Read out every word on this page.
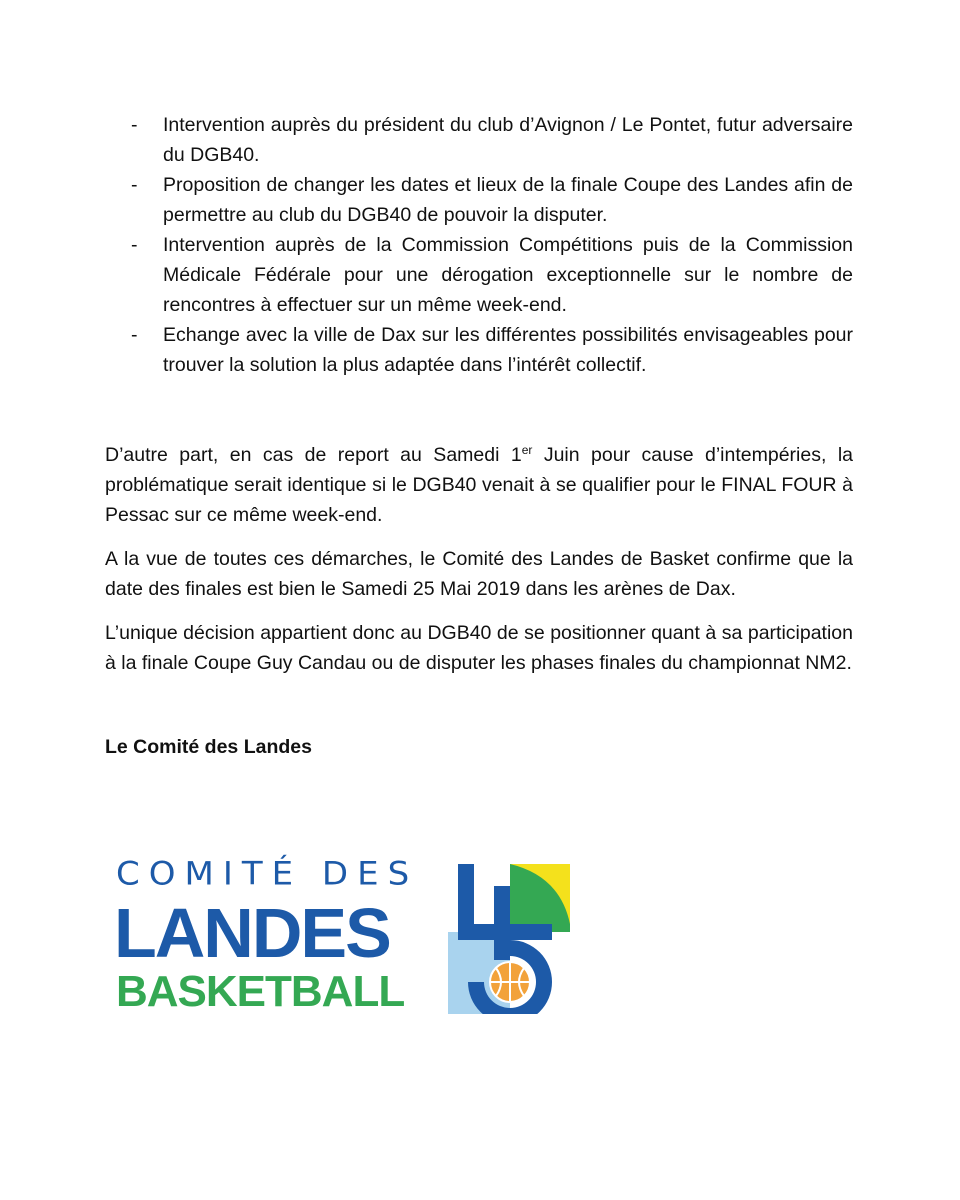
- Intervention auprès du président du club d’Avignon / Le Pontet, futur adversaire du DGB40.
- Proposition de changer les dates et lieux de la finale Coupe des Landes afin de permettre au club du DGB40 de pouvoir la disputer.
- Intervention auprès de la Commission Compétitions puis de la Commission Médicale Fédérale pour une dérogation exceptionnelle sur le nombre de rencontres à effectuer sur un même week-end.
- Echange avec la ville de Dax sur les différentes possibilités envisageables pour trouver la solution la plus adaptée dans l’intérêt collectif.

D’autre part, en cas de report au Samedi 1er Juin pour cause d’intempéries, la problématique serait identique si le DGB40 venait à se qualifier pour le FINAL FOUR à Pessac sur ce même week-end.

A la vue de toutes ces démarches, le Comité des Landes de Basket confirme que la date des finales est bien le Samedi 25 Mai 2019 dans les arènes de Dax.

L’unique décision appartient donc au DGB40 de se positionner quant à sa participation à la finale Coupe Guy Candau ou de disputer les phases finales du championnat NM2.

Le Comité des Landes
COMITÉ DES
LANDES
BASKETBALL
